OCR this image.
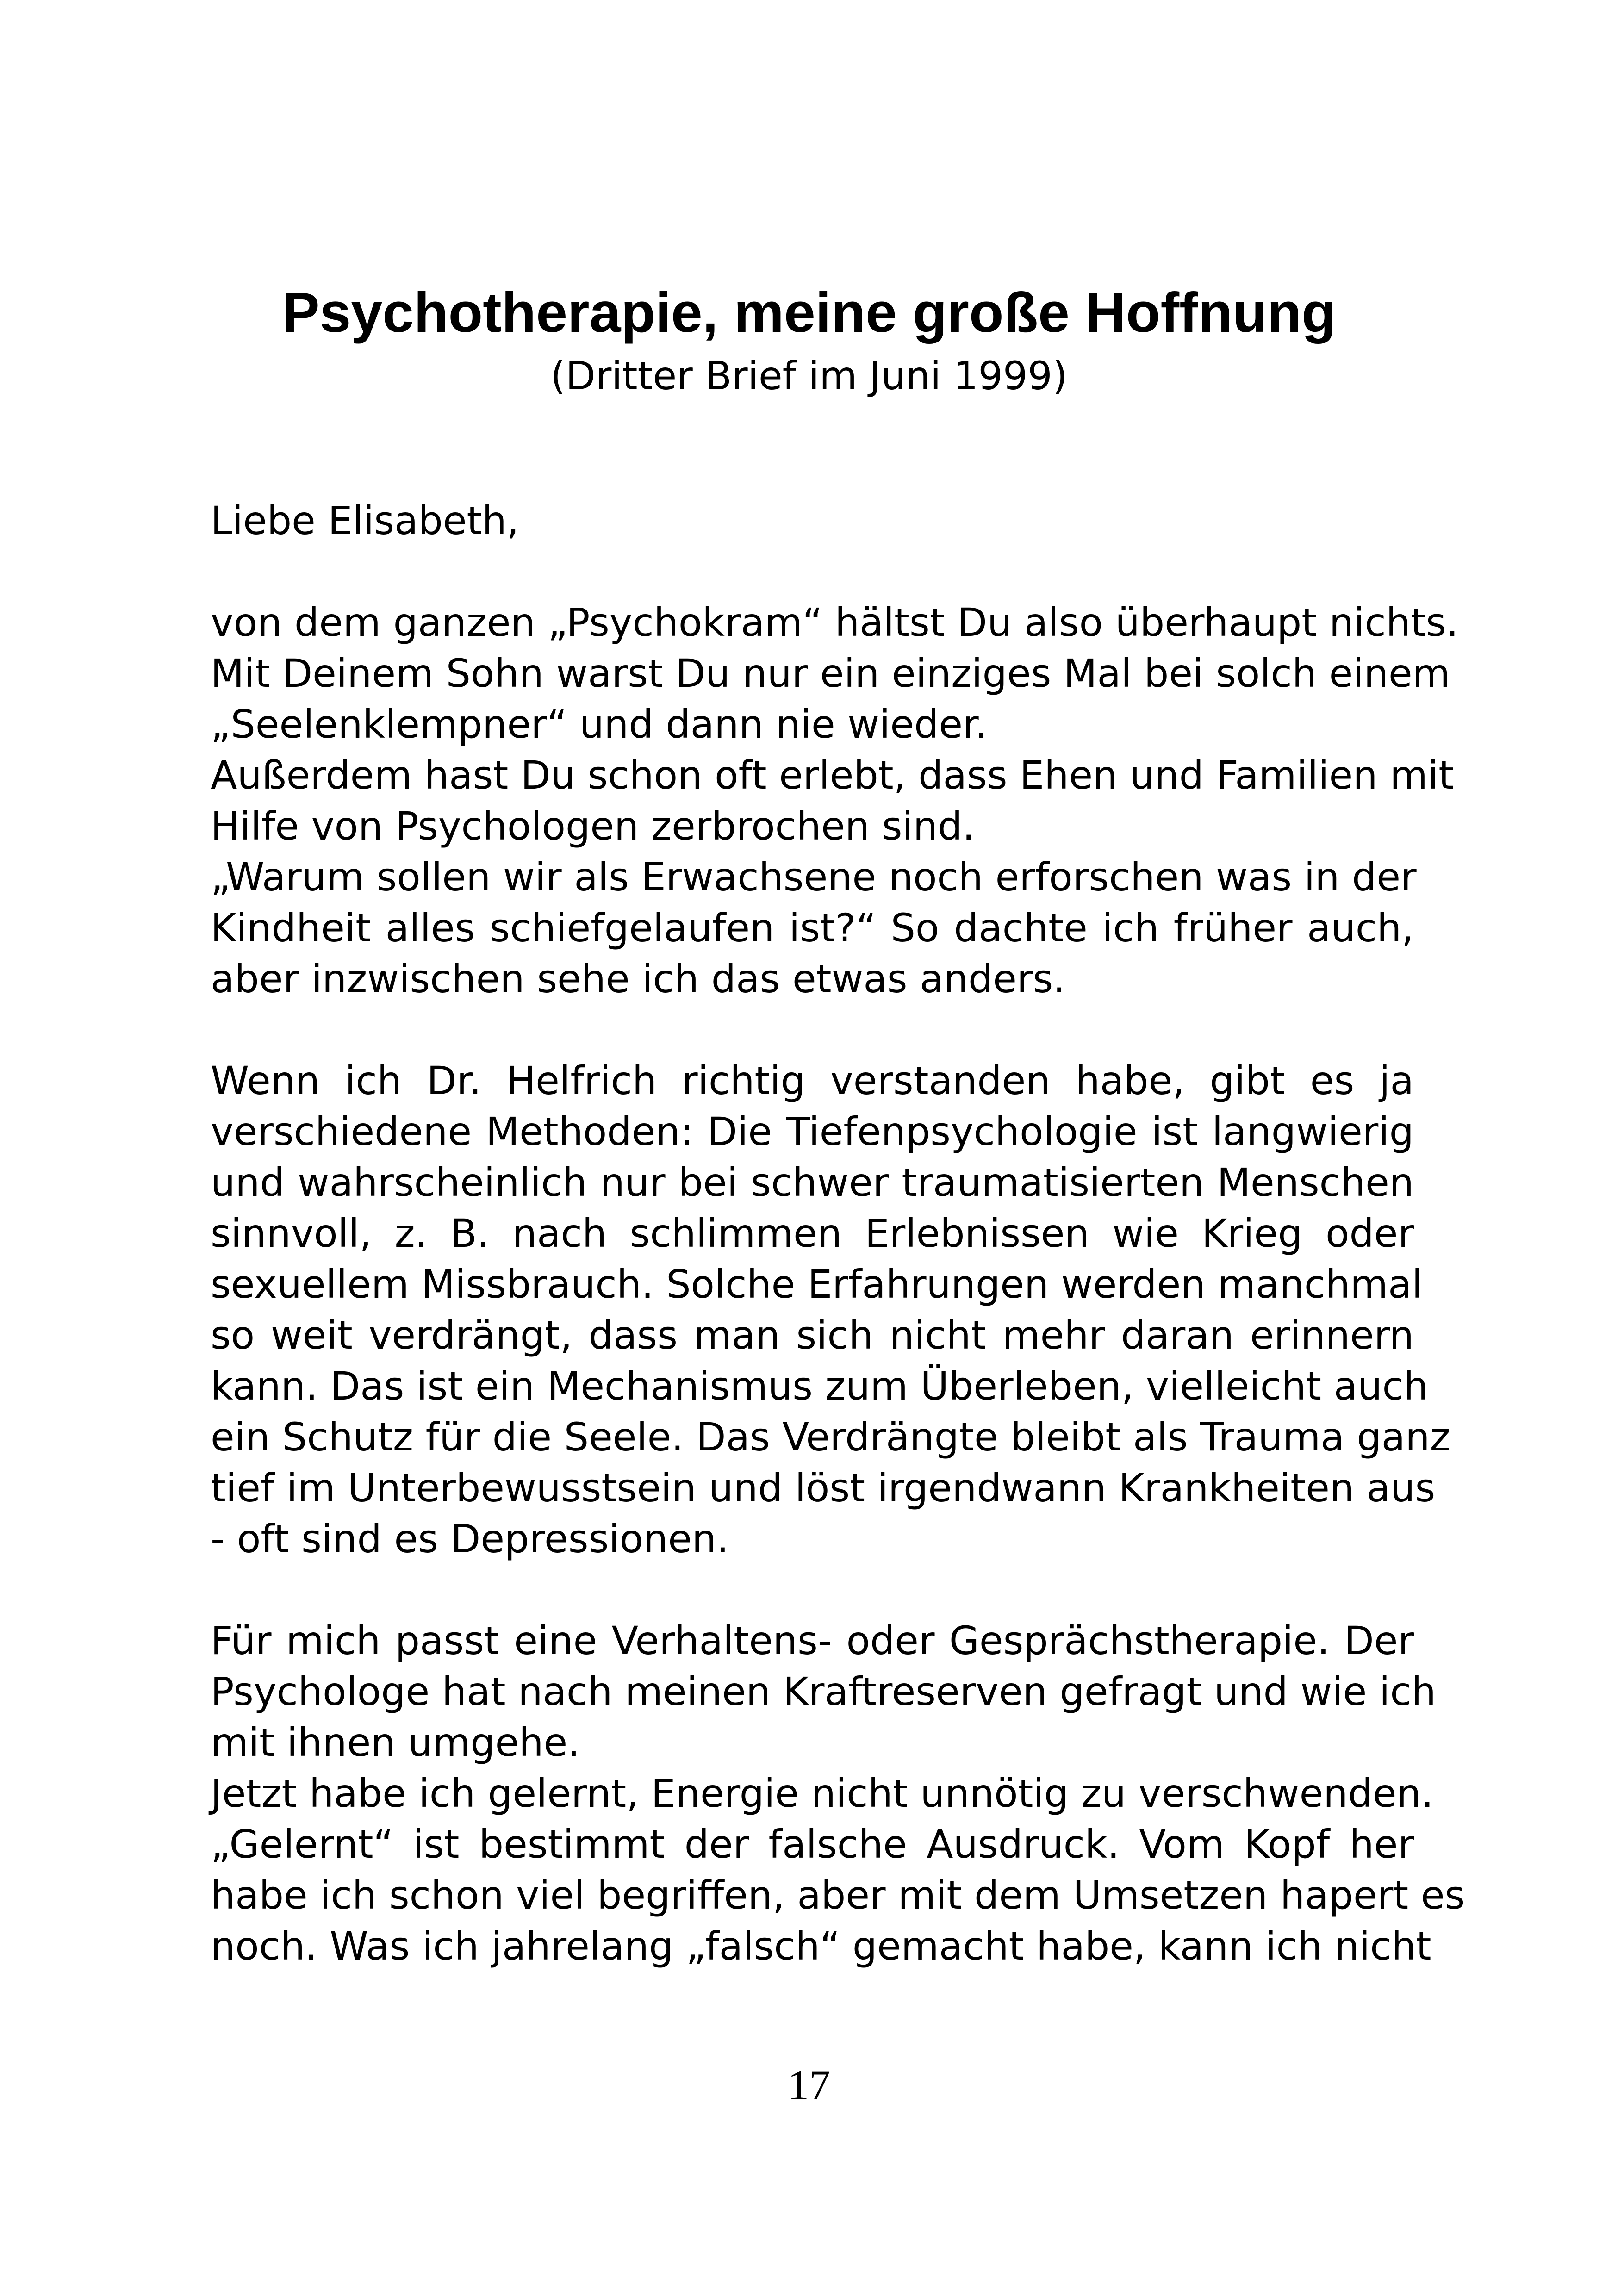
Psychotherapie, meine große Hoffnung
(Dritter Brief im Juni 1999)
Liebe Elisabeth,
von dem ganzen „Psychokram“ hältst Du also überhaupt nichts.
Mit Deinem Sohn warst Du nur ein einziges Mal bei solch einem
„Seelenklempner“ und dann nie wieder.
Außerdem hast Du schon oft erlebt, dass Ehen und Familien mit
Hilfe von Psychologen zerbrochen sind.
„Warum sollen wir als Erwachsene noch erforschen was in der
Kindheit alles schiefgelaufen ist?“ So dachte ich früher auch,
aber inzwischen sehe ich das etwas anders.
Wenn ich Dr. Helfrich richtig verstanden habe, gibt es ja
verschiedene Methoden: Die Tiefenpsychologie ist langwierig
und wahrscheinlich nur bei schwer traumatisierten Menschen
sinnvoll, z. B. nach schlimmen Erlebnissen wie Krieg oder
sexuellem Missbrauch. Solche Erfahrungen werden manchmal
so weit verdrängt, dass man sich nicht mehr daran erinnern
kann. Das ist ein Mechanismus zum Überleben, vielleicht auch
ein Schutz für die Seele. Das Verdrängte bleibt als Trauma ganz
tief im Unterbewusstsein und löst irgendwann Krankheiten aus
- oft sind es Depressionen.
Für mich passt eine Verhaltens- oder Gesprächstherapie. Der
Psychologe hat nach meinen Kraftreserven gefragt und wie ich
mit ihnen umgehe.
Jetzt habe ich gelernt, Energie nicht unnötig zu verschwenden.
„Gelernt“ ist bestimmt der falsche Ausdruck. Vom Kopf her
habe ich schon viel begriffen, aber mit dem Umsetzen hapert es
noch. Was ich jahrelang „falsch“ gemacht habe, kann ich nicht
17
